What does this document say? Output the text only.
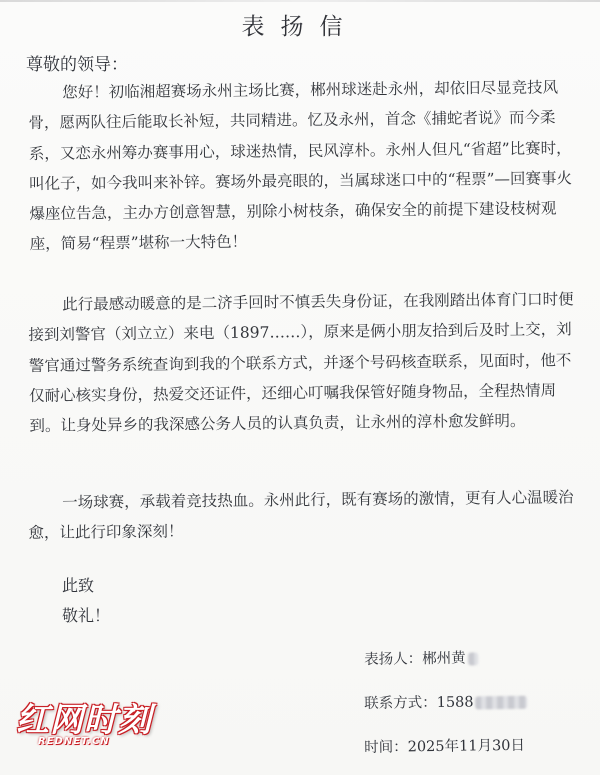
表扬信
尊敬的领导：
您好！初临湘超赛场永州主场比赛，郴州球迷赴永州，却依旧尽显竞技风骨，愿两队往后能取长补短，共同精进。忆及永州，首念《捕蛇者说》而今柔系，又恋永州筹办赛事用心，球迷热情，民风淳朴。永州人但凡“省超”比赛时，叫化子，如今我叫来补锌。赛场外最亮眼的，当属球迷口中的“程票”—回赛事火爆座位告急，主办方创意智慧，别除小树枝条，确保安全的前提下建设枝树观座，简易“程票”堪称一大特色！
此行最感动暖意的是二济手回时不慎丢失身份证，在我刚踏出体育门口时便接到刘警官（刘立立）来电（1897……），原来是俩小朋友拾到后及时上交，刘警官通过警务系统查询到我的个联系方式，并逐个号码核查联系，见面时，他不仅耐心核实身份，热爱交还证件，还细心叮嘱我保管好随身物品，全程热情周到。让身处异乡的我深感公务人员的认真负责，让永州的淳朴愈发鲜明。
一场球赛，承载着竞技热血。永州此行，既有赛场的激情，更有人心温暖治愈，让此行印象深刻！
此致
敬礼！
表扬人：郴州黄
联系方式：1588
时间：2025年11月30日
红网时刻
REDNET.CN
